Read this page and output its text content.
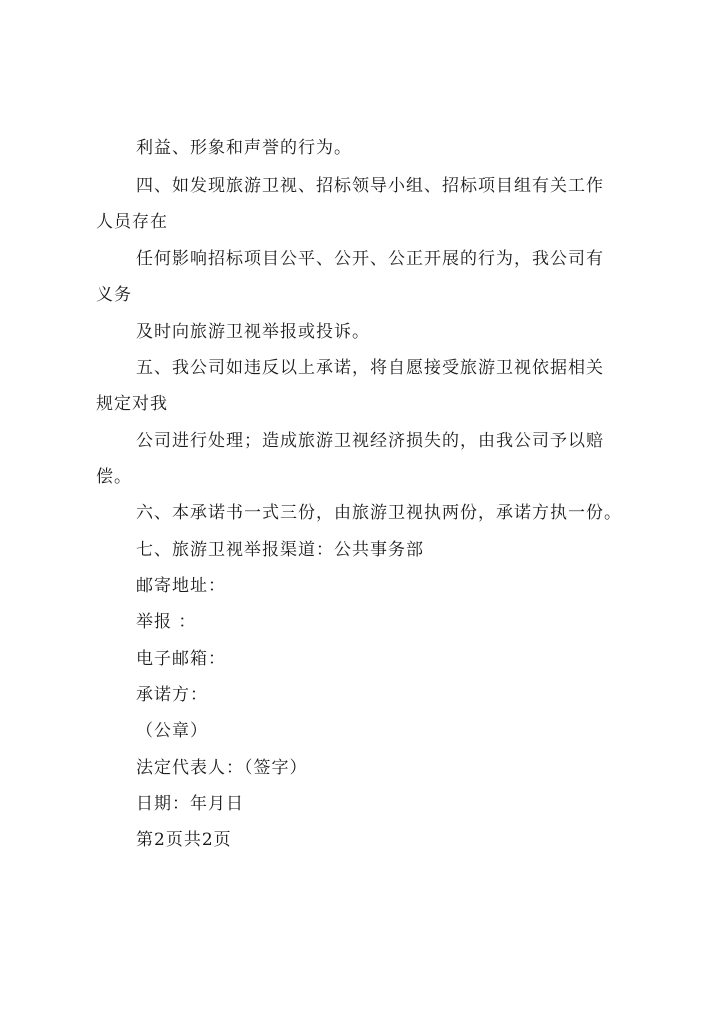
利益、形象和声誉的行为。
四、如发现旅游卫视、招标领导小组、招标项目组有关工作
人员存在
任何影响招标项目公平、公开、公正开展的行为，我公司有
义务
及时向旅游卫视举报或投诉。
五、我公司如违反以上承诺，将自愿接受旅游卫视依据相关
规定对我
公司进行处理；造成旅游卫视经济损失的，由我公司予以赔
偿。
六、本承诺书一式三份，由旅游卫视执两份，承诺方执一份。
七、旅游卫视举报渠道：公共事务部
邮寄地址：
举报 ：
电子邮箱：
承诺方：
（公章）
法定代表人：（签字）
日期：年月日
第2页共2页
